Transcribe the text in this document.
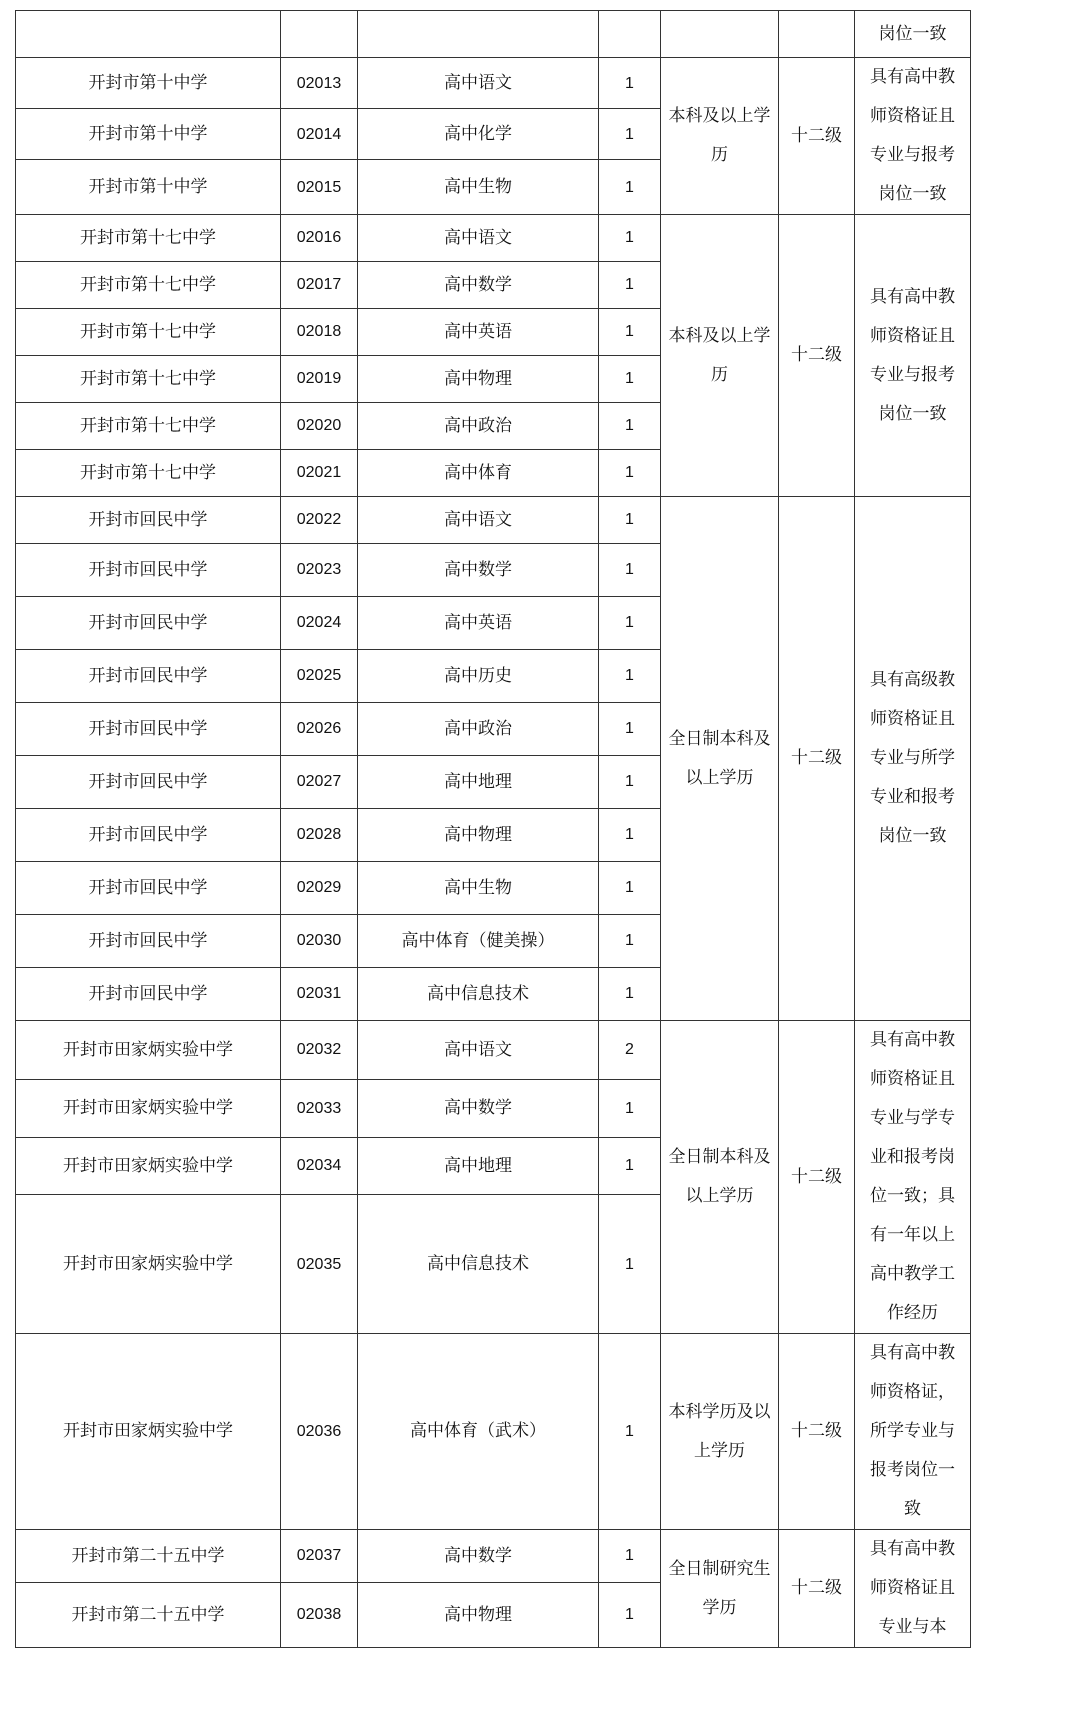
						岗位一致
开封市第十中学	02013	高中语文	1	本科及以上学历	十二级	具有高中教师资格证且专业与报考岗位一致
开封市第十中学	02014	高中化学	1			
开封市第十中学	02015	高中生物	1			
开封市第十七中学	02016	高中语文	1	本科及以上学历	十二级	具有高中教师资格证且专业与报考岗位一致
开封市第十七中学	02017	高中数学	1			
开封市第十七中学	02018	高中英语	1			
开封市第十七中学	02019	高中物理	1			
开封市第十七中学	02020	高中政治	1			
开封市第十七中学	02021	高中体育	1			
开封市回民中学	02022	高中语文	1	全日制本科及以上学历	十二级	具有高级教师资格证且专业与所学专业和报考岗位一致
开封市回民中学	02023	高中数学	1			
开封市回民中学	02024	高中英语	1			
开封市回民中学	02025	高中历史	1			
开封市回民中学	02026	高中政治	1			
开封市回民中学	02027	高中地理	1			
开封市回民中学	02028	高中物理	1			
开封市回民中学	02029	高中生物	1			
开封市回民中学	02030	高中体育（健美操）	1			
开封市回民中学	02031	高中信息技术	1			
开封市田家炳实验中学	02032	高中语文	2	全日制本科及以上学历	十二级	具有高中教师资格证且专业与学专业和报考岗位一致；具有一年以上高中教学工作经历
开封市田家炳实验中学	02033	高中数学	1			
开封市田家炳实验中学	02034	高中地理	1			
开封市田家炳实验中学	02035	高中信息技术	1			
开封市田家炳实验中学	02036	高中体育（武术）	1	本科学历及以上学历	十二级	具有高中教师资格证，所学专业与报考岗位一致
开封市第二十五中学	02037	高中数学	1	全日制研究生学历	十二级	具有高中教师资格证且专业与本
开封市第二十五中学	02038	高中物理	1			
